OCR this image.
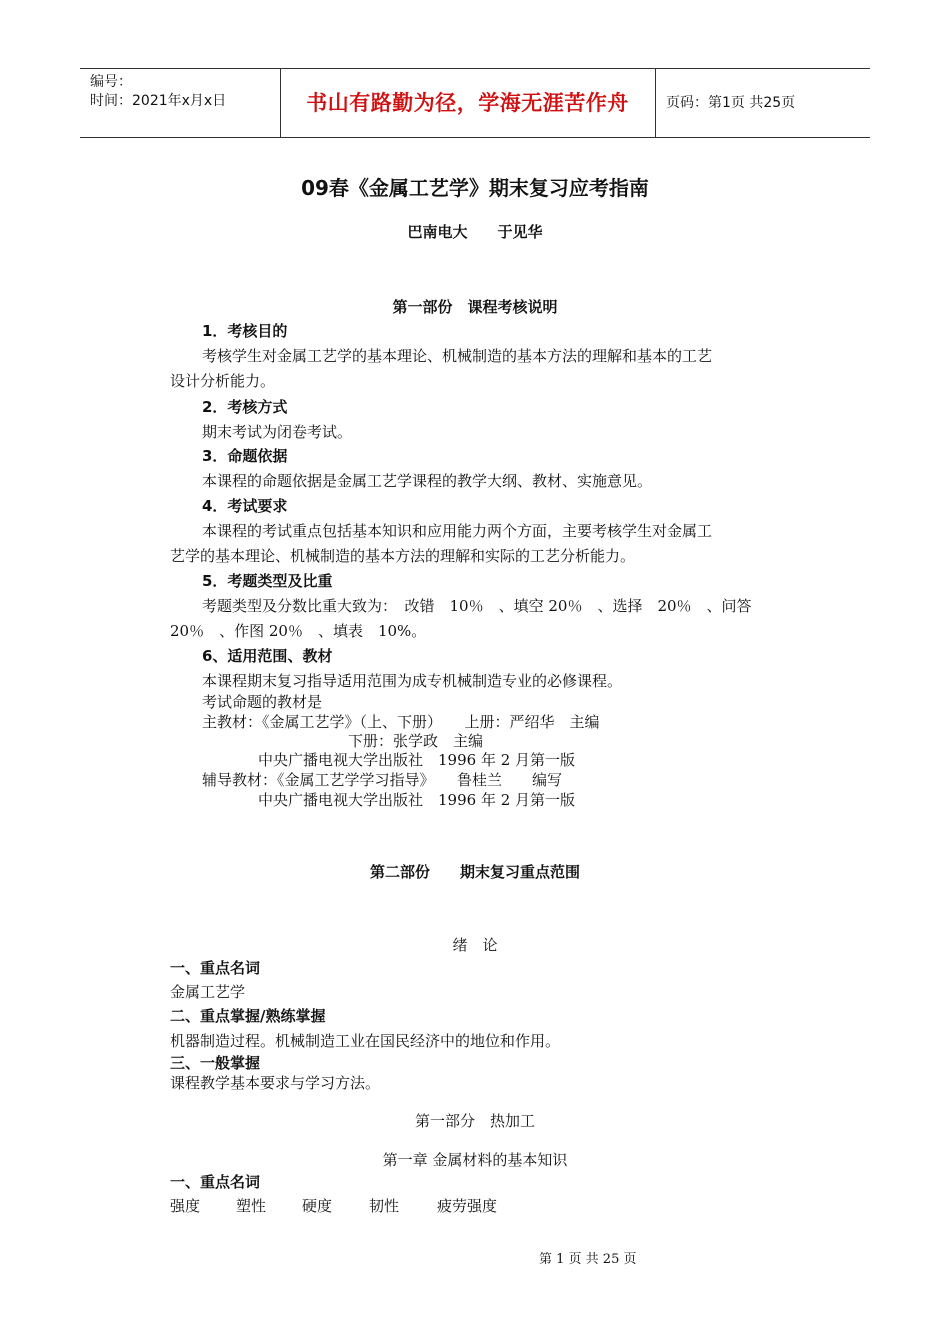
编号：
时间：2021年x月x日	书山有路勤为径，学海无涯苦作舟	页码：第1页 共25页
09春《金属工艺学》期末复习应考指南
巴南电大　　于见华
第一部份　课程考核说明
1．考核目的
考核学生对金属工艺学的基本理论、机械制造的基本方法的理解和基本的工艺
设计分析能力。
2．考核方式
期末考试为闭卷考试。
3．命题依据
本课程的命题依据是金属工艺学课程的教学大纲、教材、实施意见。
4．考试要求
本课程的考试重点包括基本知识和应用能力两个方面，主要考核学生对金属工
艺学的基本理论、机械制造的基本方法的理解和实际的工艺分析能力。
5．考题类型及比重
考题类型及分数比重大致为：　改错　10％　、填空 20％　、选择　20％　、问答
20％　、作图 20％　、填表　10%。
6、适用范围、教材
本课程期末复习指导适用范围为成专机械制造专业的必修课程。
考试命题的教材是
主教材：《金属工艺学》（上、下册）　　上册：严绍华　主编
下册：张学政　主编
中央广播电视大学出版社　1996 年 2 月第一版
辅导教材：《金属工艺学学习指导》　　鲁桂兰　　编写
中央广播电视大学出版社　1996 年 2 月第一版
第二部份　　期末复习重点范围
绪　论
一、重点名词
金属工艺学
二、重点掌握/熟练掌握
机器制造过程。机械制造工业在国民经济中的地位和作用。
三、一般掌握
课程教学基本要求与学习方法。
第一部分　热加工
第一章 金属材料的基本知识
一、重点名词
强度 塑性 硬度 韧性	疲劳强度
第 1 页 共 25 页
